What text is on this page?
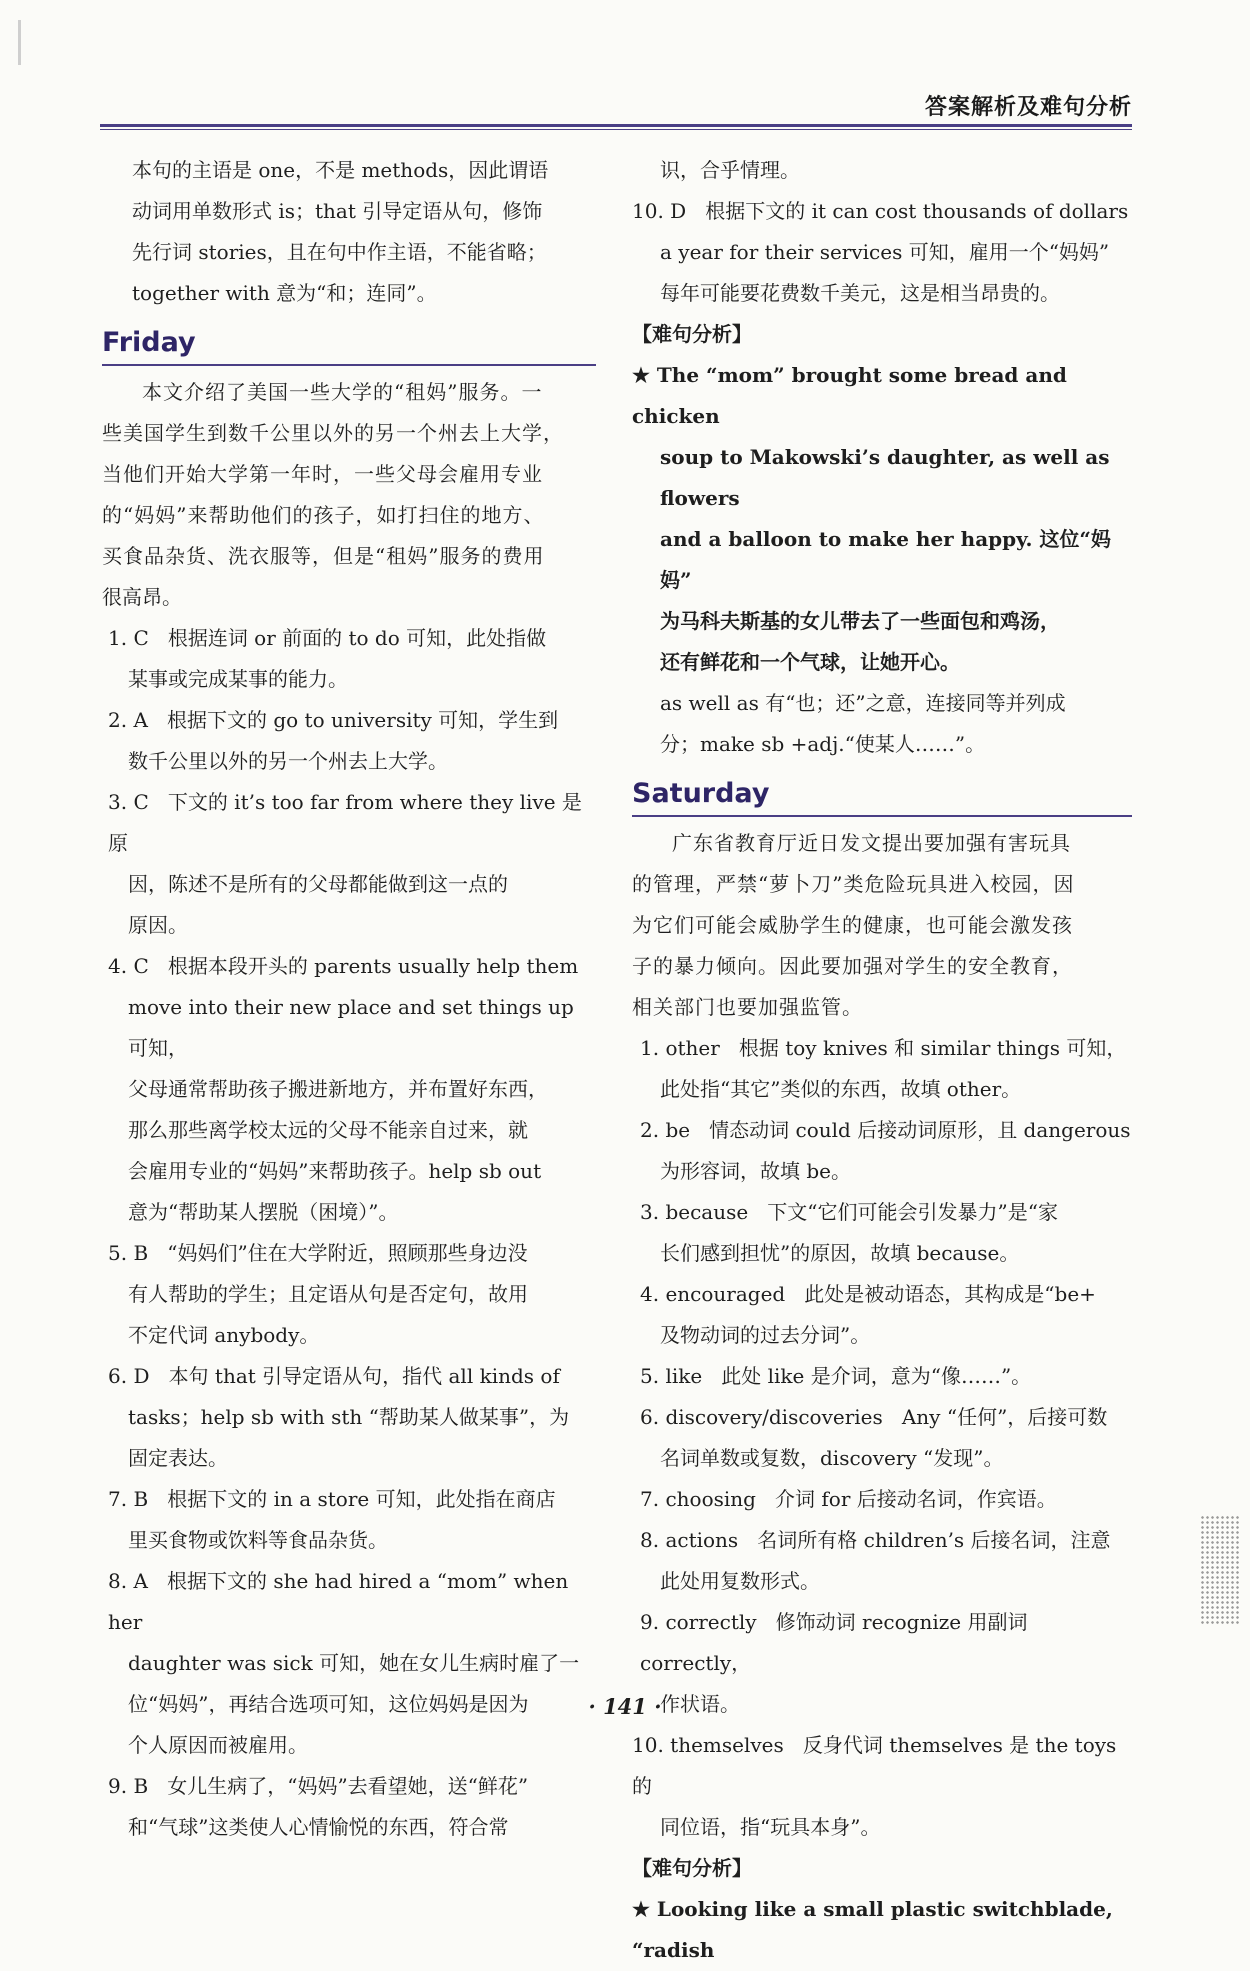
答案解析及难句分析

本句的主语是 one，不是 methods，因此谓语

动词用单数形式 is；that 引导定语从句，修饰

先行词 stories，且在句中作主语，不能省略；

together with 意为“和；连同”。

Friday

本文介绍了美国一些大学的“租妈”服务。一

些美国学生到数千公里以外的另一个州去上大学，

当他们开始大学第一年时，一些父母会雇用专业

的“妈妈”来帮助他们的孩子，如打扫住的地方、

买食品杂货、洗衣服等，但是“租妈”服务的费用

很高昂。

1. C 根据连词 or 前面的 to do 可知，此处指做

某事或完成某事的能力。

2. A 根据下文的 go to university 可知，学生到

数千公里以外的另一个州去上大学。

3. C 下文的 it’s too far from where they live 是原

因，陈述不是所有的父母都能做到这一点的

原因。

4. C 根据本段开头的 parents usually help them

move into their new place and set things up 可知，

父母通常帮助孩子搬进新地方，并布置好东西，

那么那些离学校太远的父母不能亲自过来，就

会雇用专业的“妈妈”来帮助孩子。help sb out

意为“帮助某人摆脱（困境）”。

5. B “妈妈们”住在大学附近，照顾那些身边没

有人帮助的学生；且定语从句是否定句，故用

不定代词 anybody。

6. D 本句 that 引导定语从句，指代 all kinds of

tasks；help sb with sth “帮助某人做某事”，为

固定表达。

7. B 根据下文的 in a store 可知，此处指在商店

里买食物或饮料等食品杂货。

8. A 根据下文的 she had hired a “mom” when her

daughter was sick 可知，她在女儿生病时雇了一

位“妈妈”，再结合选项可知，这位妈妈是因为

个人原因而被雇用。

9. B 女儿生病了，“妈妈”去看望她，送“鲜花”

和“气球”这类使人心情愉悦的东西，符合常

识，合乎情理。

10. D 根据下文的 it can cost thousands of dollars

a year for their services 可知，雇用一个“妈妈”

每年可能要花费数千美元，这是相当昂贵的。

【难句分析】

★ The “mom” brought some bread and chicken

soup to Makowski’s daughter, as well as flowers

and a balloon to make her happy. 这位“妈妈”

为马科夫斯基的女儿带去了一些面包和鸡汤，

还有鲜花和一个气球，让她开心。

as well as 有“也；还”之意，连接同等并列成

分；make sb +adj.“使某人……”。

Saturday

广东省教育厅近日发文提出要加强有害玩具

的管理，严禁“萝卜刀”类危险玩具进入校园，因

为它们可能会威胁学生的健康，也可能会激发孩

子的暴力倾向。因此要加强对学生的安全教育，

相关部门也要加强监管。

1. other 根据 toy knives 和 similar things 可知，

此处指“其它”类似的东西，故填 other。

2. be 情态动词 could 后接动词原形，且 dangerous

为形容词，故填 be。

3. because 下文“它们可能会引发暴力”是“家

长们感到担忧”的原因，故填 because。

4. encouraged 此处是被动语态，其构成是“be+

及物动词的过去分词”。

5. like 此处 like 是介词，意为“像……”。

6. discovery/discoveries Any “任何”，后接可数

名词单数或复数，discovery “发现”。

7. choosing 介词 for 后接动名词，作宾语。

8. actions 名词所有格 children’s 后接名词，注意

此处用复数形式。

9. correctly 修饰动词 recognize 用副词 correctly，

作状语。

10. themselves 反身代词 themselves 是 the toys 的

同位语，指“玩具本身”。

【难句分析】

★ Looking like a small plastic switchblade, “radish

· 141 ·
